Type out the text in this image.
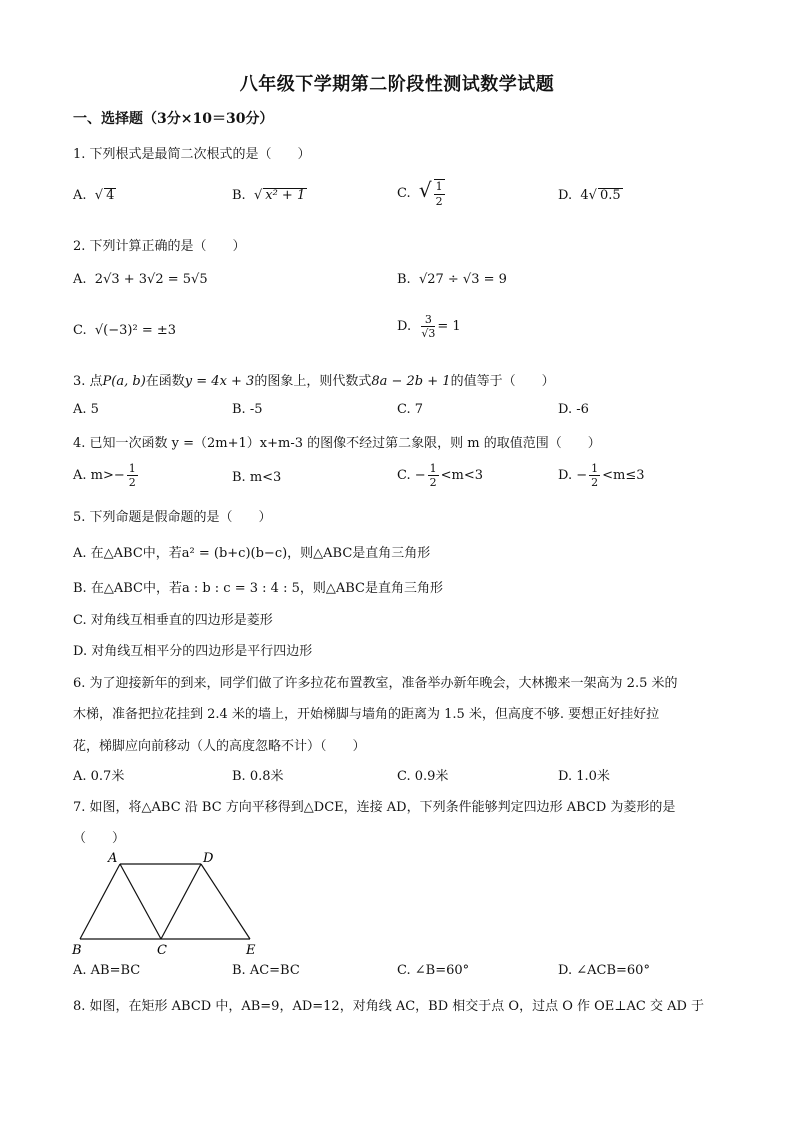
八年级下学期第二阶段性测试数学试题
一、选择题（3分×10＝30分）
1. 下列根式是最简二次根式的是（　　）
A. √ 4	B. √ x² + 1	C. √ $\frac{1}{2}$	D. 4√ 0.5
2. 下列计算正确的是（　　）
A. 2√3 + 3√2 = 5√5	B. √27 ÷ √3 = 9
C. √(−3)² = ±3	D. $\frac{3}{√3} = 1$
3. 点P(a, b)在函数y = 4x + 3的图象上，则代数式8a − 2b + 1的值等于（　　）
A. 5	B. -5	C. 7	D. -6
4. 已知一次函数 y =（2m+1）x+m-3 的图像不经过第二象限，则 m 的取值范围（　　）
A. $m>- \frac{1}{2}$	B. m<3	C. − $\frac{1}{2} <m<3$	D. − $\frac{1}{2} <m\le 3$
5. 下列命题是假命题的是（　　）
A. 在△ABC中，若a² = (b+c)(b−c)，则△ABC是直角三角形
B. 在△ABC中，若a : b : c = 3 : 4 : 5，则△ABC是直角三角形
C. 对角线互相垂直的四边形是菱形
D. 对角线互相平分的四边形是平行四边形
6. 为了迎接新年的到来，同学们做了许多拉花布置教室，准备举办新年晚会，大林搬来一架高为 2.5 米的
木梯，准备把拉花挂到 2.4 米的墙上，开始梯脚与墙角的距离为 1.5 米，但高度不够. 要想正好挂好拉
花，梯脚应向前移动（人的高度忽略不计）（　　）
A. 0.7米	B. 0.8米	C. 0.9米	D. 1.0米
7. 如图，将△ABC 沿 BC 方向平移得到△DCE，连接 AD，下列条件能够判定四边形 ABCD 为菱形的是
（　　）
A	D
B	C	E
A. AB=BC	B. AC=BC	C. ∠B=60°	D. ∠ACB=60°
8. 如图，在矩形 ABCD 中，AB=9，AD=12，对角线 AC，BD 相交于点 O，过点 O 作 OE⊥AC 交 AD 于
